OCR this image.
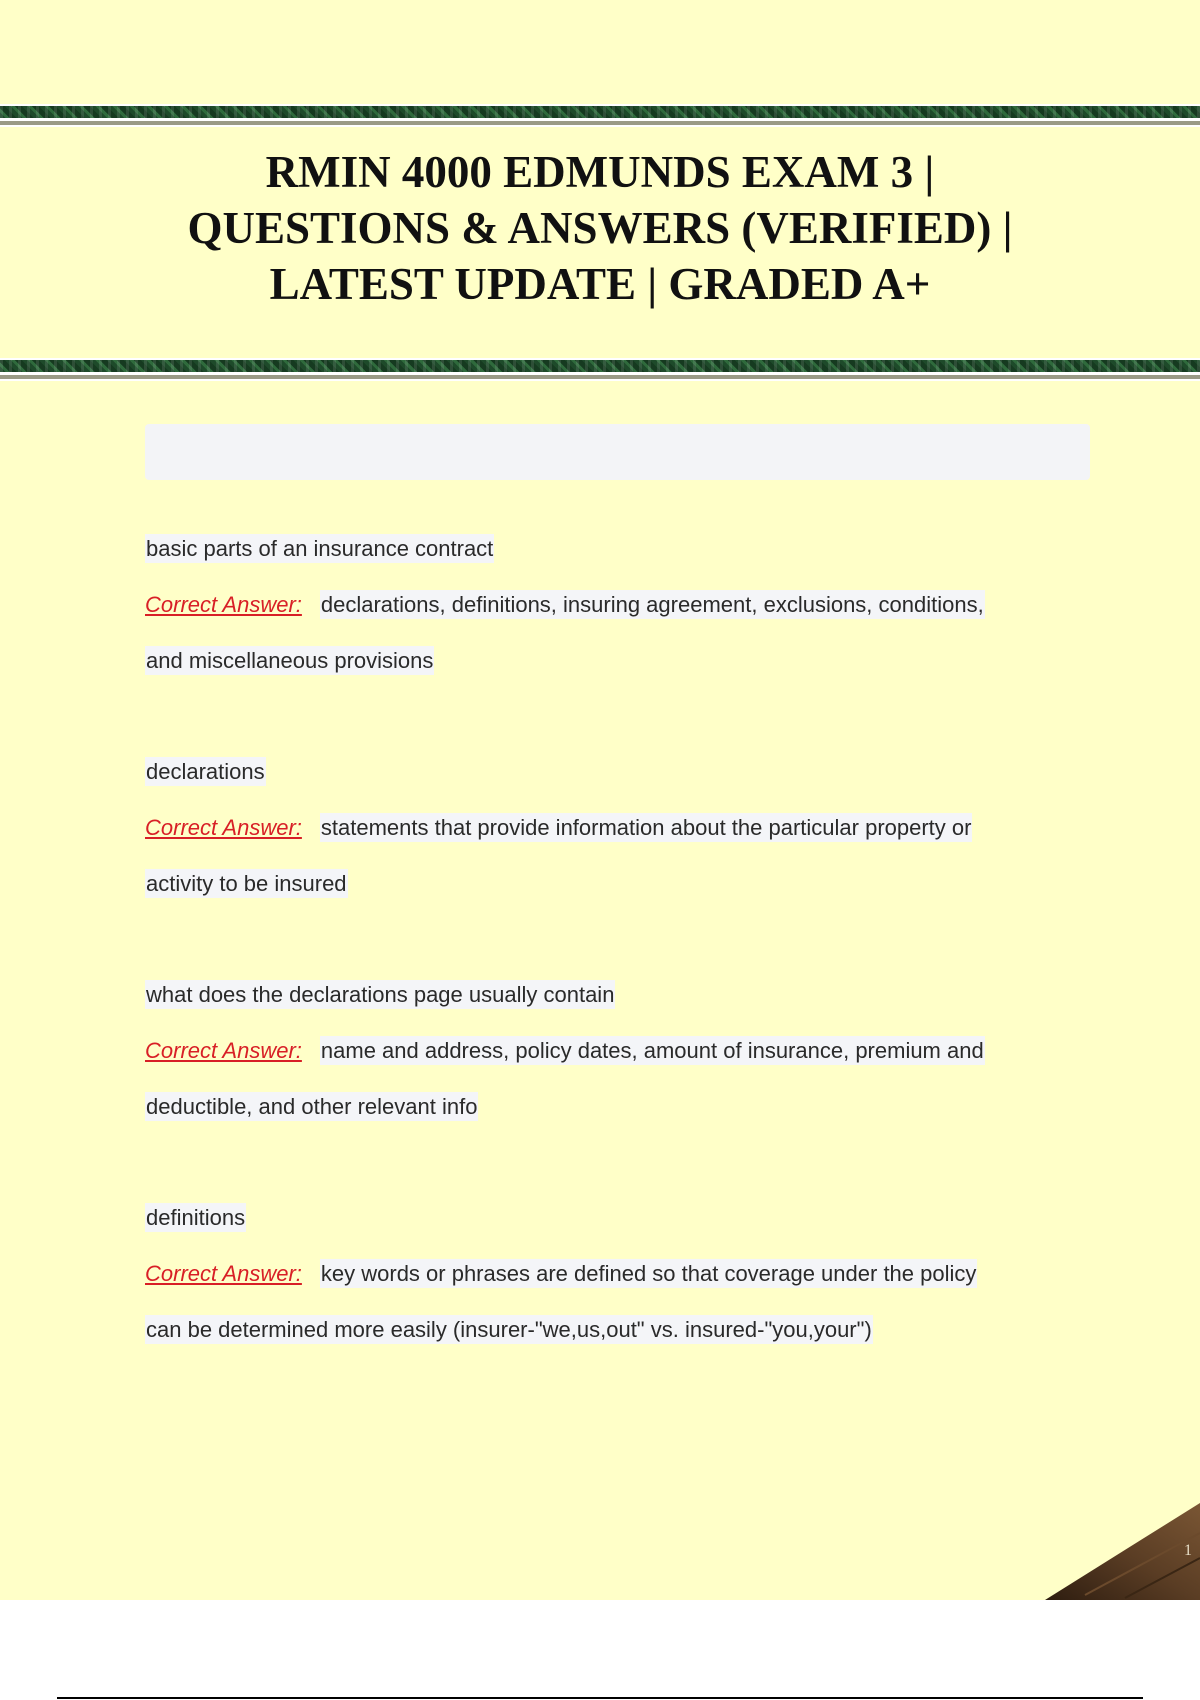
RMIN 4000 EDMUNDS EXAM 3 |
QUESTIONS & ANSWERS (VERIFIED) |
LATEST UPDATE | GRADED A+
basic parts of an insurance contract
Correct Answer: declarations, definitions, insuring agreement, exclusions, conditions,
and miscellaneous provisions
declarations
Correct Answer: statements that provide information about the particular property or
activity to be insured
what does the declarations page usually contain
Correct Answer: name and address, policy dates, amount of insurance, premium and
deductible, and other relevant info
definitions
Correct Answer: key words or phrases are defined so that coverage under the policy
can be determined more easily (insurer-"we,us,out" vs. insured-"you,your")
1
